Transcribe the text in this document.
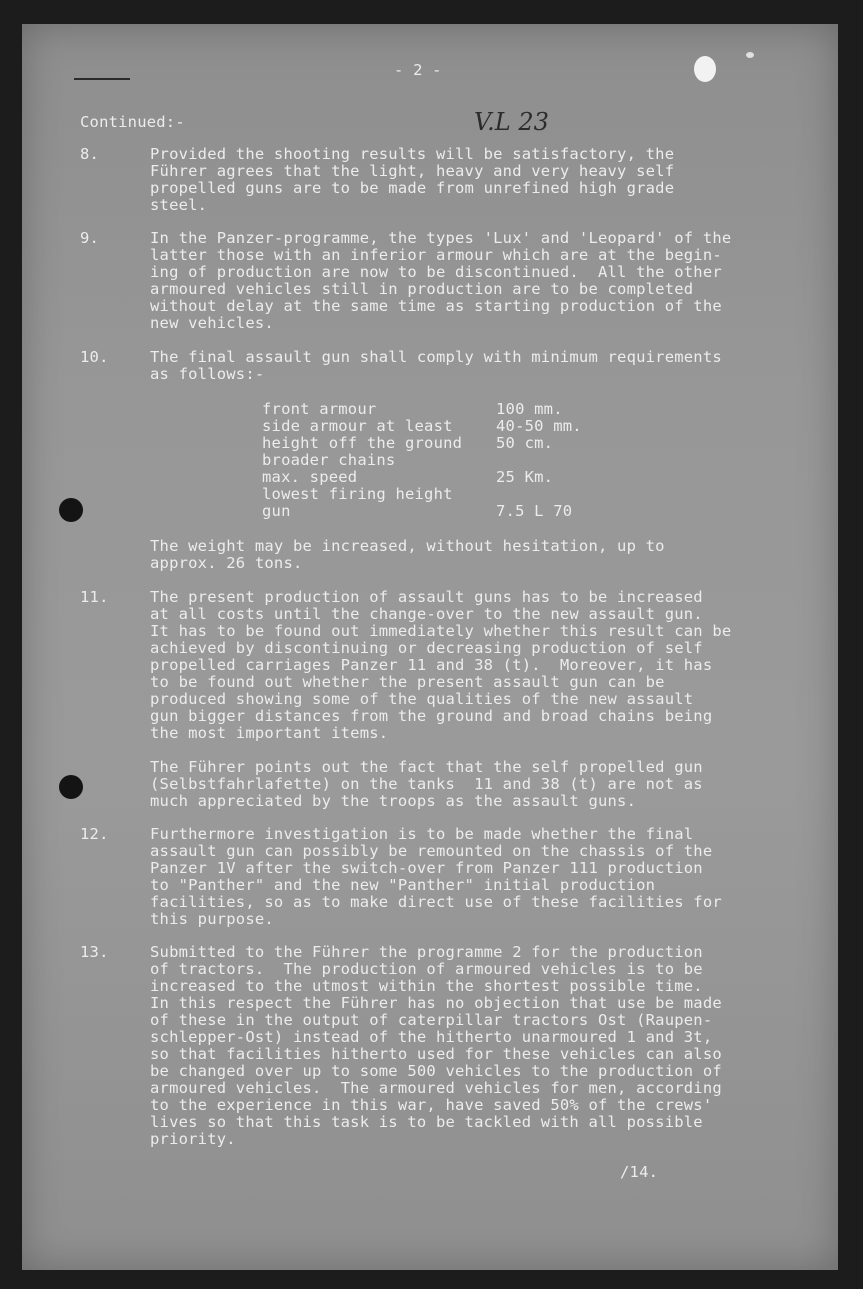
- 2 -
Continued:-	V.L 23
8.	Provided the shooting results will be satisfactory, the
Führer agrees that the light, heavy and very heavy self
propelled guns are to be made from unrefined high grade
steel.
9.	In the Panzer-programme, the types 'Lux' and 'Leopard' of the
latter those with an inferior armour which are at the begin-
ing of production are now to be discontinued.  All the other
armoured vehicles still in production are to be completed
without delay at the same time as starting production of the
new vehicles.
10.	The final assault gun shall comply with minimum requirements
as follows:-
front armour	100 mm.
side armour at least	40-50 mm.
height off the ground 50 cm.
broader chains
max. speed	25 Km.
lowest firing height
gun	7.5 L 70
The weight may be increased, without hesitation, up to
approx. 26 tons.
11.	The present production of assault guns has to be increased
at all costs until the change-over to the new assault gun.
It has to be found out immediately whether this result can be
achieved by discontinuing or decreasing production of self
propelled carriages Panzer 11 and 38 (t).  Moreover, it has
to be found out whether the present assault gun can be
produced showing some of the qualities of the new assault
gun bigger distances from the ground and broad chains being
the most important items.
The Führer points out the fact that the self propelled gun
(Selbstfahrlafette) on the tanks  11 and 38 (t) are not as
much appreciated by the troops as the assault guns.
12.	Furthermore investigation is to be made whether the final
assault gun can possibly be remounted on the chassis of the
Panzer 1V after the switch-over from Panzer 111 production
to "Panther" and the new "Panther" initial production
facilities, so as to make direct use of these facilities for
this purpose.
13.	Submitted to the Führer the programme 2 for the production
of tractors.  The production of armoured vehicles is to be
increased to the utmost within the shortest possible time.
In this respect the Führer has no objection that use be made
of these in the output of caterpillar tractors Ost (Raupen-
schlepper-Ost) instead of the hitherto unarmoured 1 and 3t,
so that facilities hitherto used for these vehicles can also
be changed over up to some 500 vehicles to the production of
armoured vehicles.  The armoured vehicles for men, according
to the experience in this war, have saved 50% of the crews'
lives so that this task is to be tackled with all possible
priority.
/14.
